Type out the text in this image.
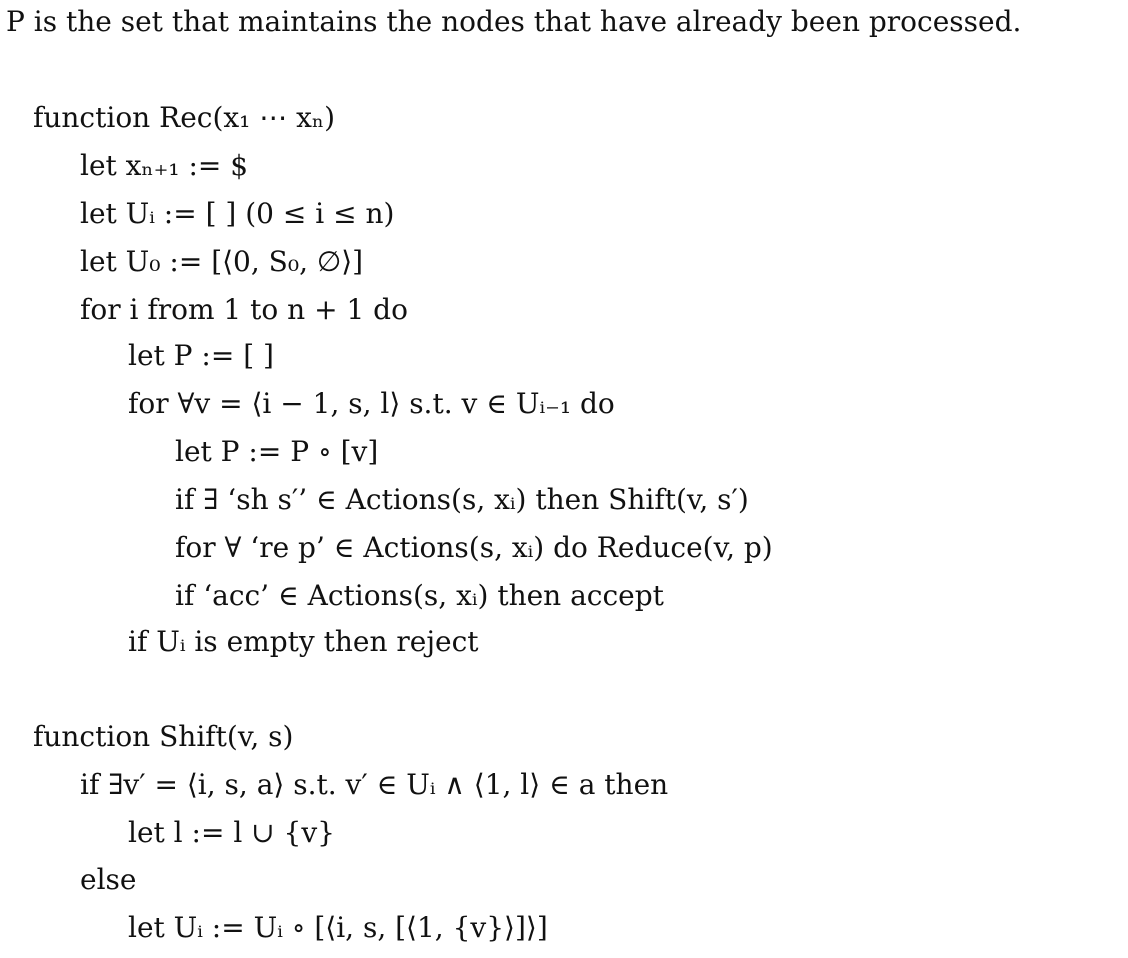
P is the set that maintains the nodes that have already been processed.
function Rec(x₁ ⋯ xₙ)
let xₙ₊₁ := $
let Uᵢ := [ ] (0 ≤ i ≤ n)
let U₀ := [⟨0, S₀, ∅⟩]
for i from 1 to n + 1 do
let P := [ ]
for ∀v = ⟨i − 1, s, l⟩ s.t. v ∈ Uᵢ₋₁ do
let P := P ∘ [v]
if ∃ ‘sh s′’ ∈ Actions(s, xᵢ) then Shift(v, s′)
for ∀ ‘re p’ ∈ Actions(s, xᵢ) do Reduce(v, p)
if ‘acc’ ∈ Actions(s, xᵢ) then accept
if Uᵢ is empty then reject
function Shift(v, s)
if ∃v′ = ⟨i, s, a⟩ s.t. v′ ∈ Uᵢ ∧ ⟨1, l⟩ ∈ a then
let l := l ∪ {v}
else
let Uᵢ := Uᵢ ∘ [⟨i, s, [⟨1, {v}⟩]⟩]
